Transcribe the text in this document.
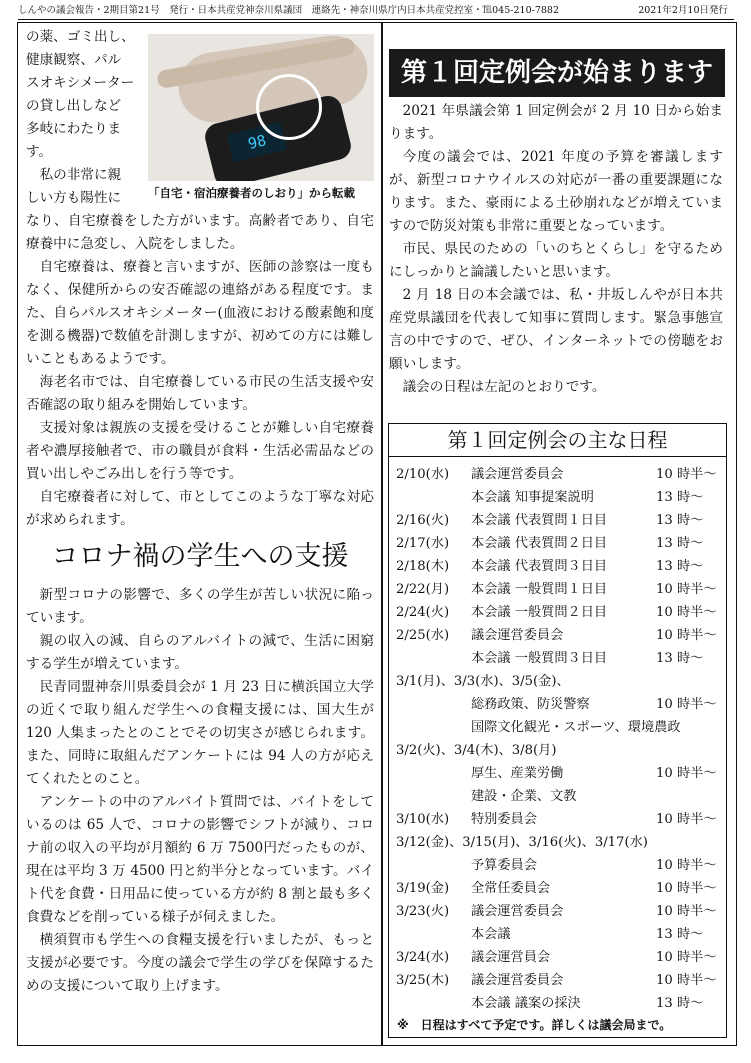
しんやの議会報告・2期目第21号　発行・日本共産党神奈川県議団　連絡先・神奈川県庁内日本共産党控室・℡045-210-7882	2021年2月10日発行
98
「自宅・宿泊療養者のしおり」から転載
の薬、ゴミ出し、
健康観察、パル
スオキシメーター
の貸し出しなど
多岐にわたりま
す。
私の非常に親
しい方も陽性に

なり、自宅療養をした方がいます。高齢者であり、自宅療養中に急変し、入院をしました。

自宅療養は、療養と言いますが、医師の診察は一度もなく、保健所からの安否確認の連絡がある程度です。また、自らパルスオキシメーター(血液における酸素飽和度を測る機器)で数値を計測しますが、初めての方には難しいこともあるようです。

海老名市では、自宅療養している市民の生活支援や安否確認の取り組みを開始しています。

支援対象は親族の支援を受けることが難しい自宅療養者や濃厚接触者で、市の職員が食料・生活必需品などの買い出しやごみ出しを行う等です。

自宅療養者に対して、市としてこのような丁寧な対応が求められます。

コロナ禍の学生への支援

新型コロナの影響で、多くの学生が苦しい状況に陥っています。

親の収入の減、自らのアルバイトの減で、生活に困窮する学生が増えています。

民青同盟神奈川県委員会が 1 月 23 日に横浜国立大学の近くで取り組んだ学生への食糧支援には、国大生が 120 人集まったとのことでその切実さが感じられます。また、同時に取組んだアンケートには 94 人の方が応えてくれたとのこと。

アンケートの中のアルバイト質問では、バイトをしているのは 65 人で、コロナの影響でシフトが減り、コロナ前の収入の平均が月額約 6 万 7500円だったものが、現在は平均 3 万 4500 円と約半分となっています。バイト代を食費・日用品に使っている方が約 8 割と最も多く食費などを削っている様子が伺えました。

横須賀市も学生への食糧支援を行いましたが、もっと支援が必要です。今度の議会で学生の学びを保障するための支援について取り上げます。

第１回定例会が始まります

2021 年県議会第 1 回定例会が 2 月 10 日から始まります。

今度の議会では、2021 年度の予算を審議しますが、新型コロナウイルスの対応が一番の重要課題になります。また、豪雨による土砂崩れなどが増えていますので防災対策も非常に重要となっています。

市民、県民のための「いのちとくらし」を守るためにしっかりと論議したいと思います。

2 月 18 日の本会議では、私・井坂しんやが日本共産党県議団を代表して知事に質問します。緊急事態宣言の中ですので、ぜひ、インターネットでの傍聴をお願いします。

議会の日程は左記のとおりです。

第１回定例会の主な日程
2/10(水) 議会運営委員会	10 時半～
本会議 知事提案説明	13 時～
2/16(火) 本会議 代表質問１日目	13 時～
2/17(水) 本会議 代表質問２日目	13 時～
2/18(木) 本会議 代表質問３日目	13 時～
2/22(月) 本会議 一般質問１日目	10 時半～
2/24(火) 本会議 一般質問２日目	10 時半～
2/25(水) 議会運営委員会	10 時半～
本会議 一般質問３日目	13 時～
3/1(月)、3/3(水)、3/5(金)、
総務政策、防災警察	10 時半～
国際文化観光・スポーツ、環境農政
3/2(火)、3/4(木)、3/8(月)
厚生、産業労働	10 時半～
建設・企業、文教
3/10(水) 特別委員会	10 時半～
3/12(金)、3/15(月)、3/16(火)、3/17(水)
予算委員会	10 時半～
3/19(金) 全常任委員会	10 時半～
3/23(火) 議会運営委員会	10 時半～
本会議	13 時～
3/24(水) 議会運営員会	10 時半～
3/25(木) 議会運営委員会	10 時半～
本会議 議案の採決	13 時～
※　日程はすべて予定です。詳しくは議会局まで。
